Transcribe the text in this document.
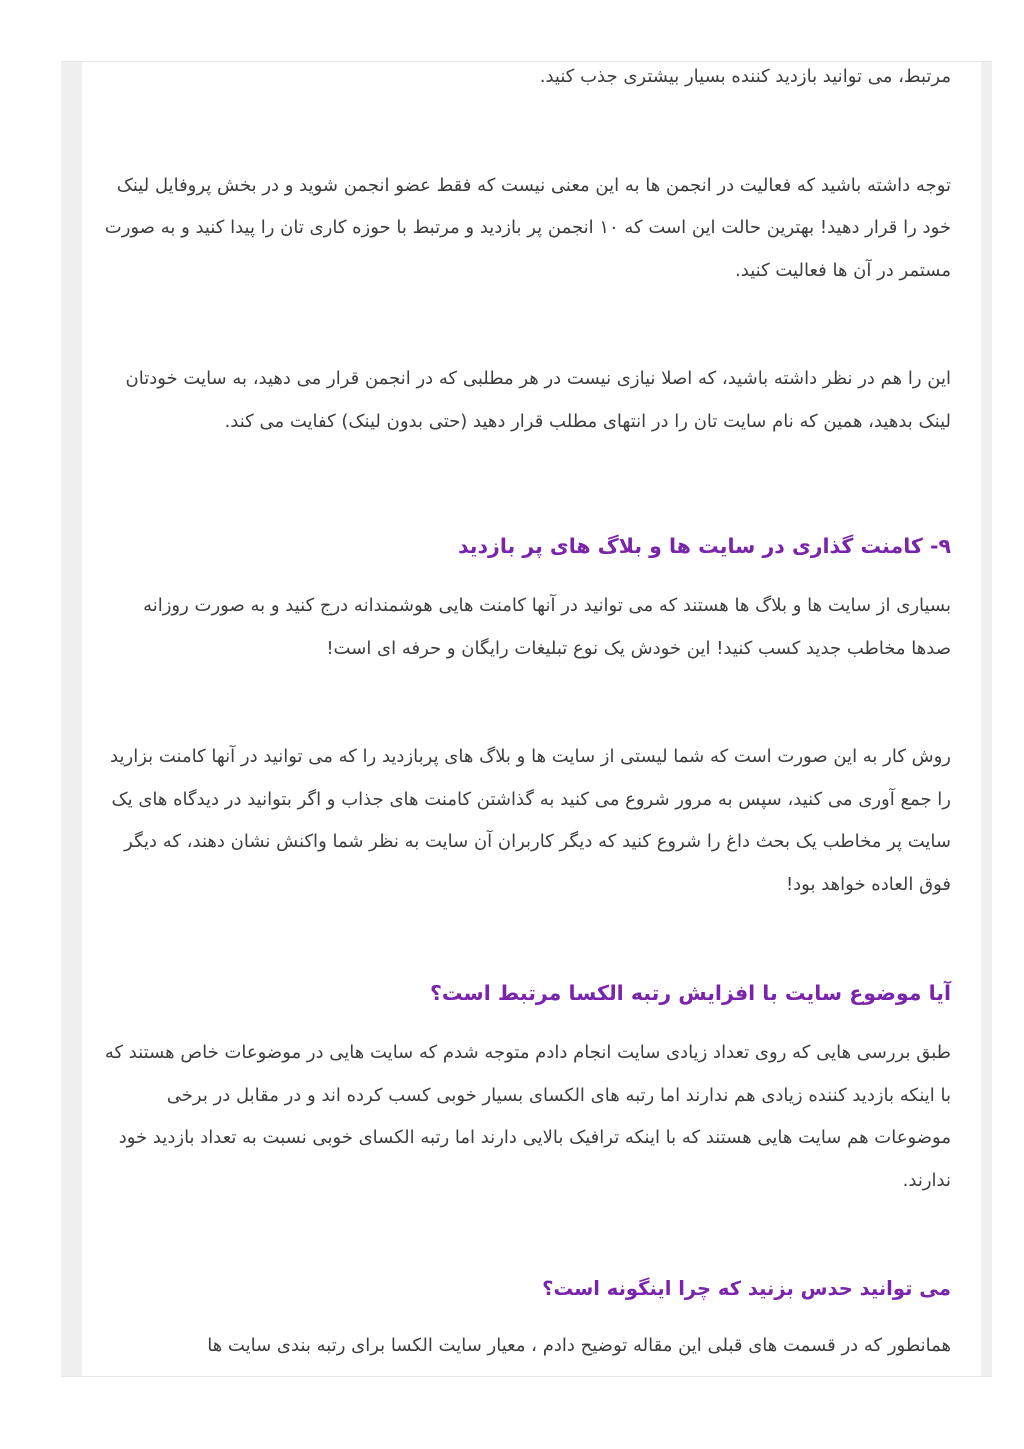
مرتبط، می توانید بازدید کننده بسیار بیشتری جذب کنید.

توجه داشته باشید که فعالیت در انجمن ها به این معنی نیست که فقط عضو انجمن شوید و در بخش پروفایل لینک خود را قرار دهید! بهترین حالت این است که ۱۰ انجمن پر بازدید و مرتبط با حوزه کاری تان را پیدا کنید و به صورت مستمر در آن ها فعالیت کنید.

این را هم در نظر داشته باشید، که اصلا نیازی نیست در هر مطلبی که در انجمن قرار می دهید، به سایت خودتان لینک بدهید، همین که نام سایت تان را در انتهای مطلب قرار دهید (حتی بدون لینک) کفایت می کند.

۹- کامنت گذاری در سایت ها و بلاگ های پر بازدید

بسیاری از سایت ها و بلاگ ها هستند که می توانید در آنها کامنت هایی هوشمندانه درج کنید و به صورت روزانه صدها مخاطب جدید کسب کنید! این خودش یک نوع تبلیغات رایگان و حرفه ای است!

روش کار به این صورت است که شما لیستی از سایت ها و بلاگ های پربازدید را که می توانید در آنها کامنت بزارید را جمع آوری می کنید، سپس به مرور شروع می کنید به گذاشتن کامنت های جذاب و اگر بتوانید در دیدگاه های یک سایت پر مخاطب یک بحث داغ را شروع کنید که دیگر کاربران آن سایت به نظر شما واکنش نشان دهند، که دیگر فوق العاده خواهد بود!

آیا موضوع سایت با افزایش رتبه الکسا مرتبط است؟

طبق بررسی هایی که روی تعداد زیادی سایت انجام دادم متوجه شدم که سایت هایی در موضوعات خاص هستند که با اینکه بازدید کننده زیادی هم ندارند اما رتبه های الکسای بسیار خوبی کسب کرده اند و در مقابل در برخی موضوعات هم سایت هایی هستند که با اینکه ترافیک بالایی دارند اما رتبه الکسای خوبی نسبت به تعداد بازدید خود ندارند.

می توانید حدس بزنید که چرا اینگونه است؟

همانطور که در قسمت های قبلی این مقاله توضیح دادم ، معیار سایت الکسا برای رتبه بندی سایت ها
